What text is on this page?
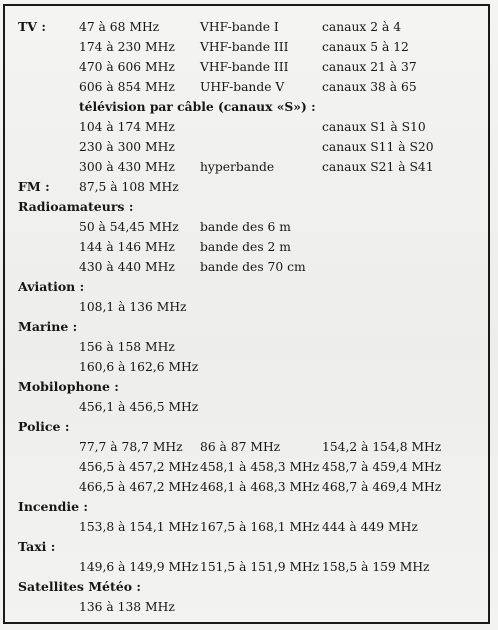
TV :	47 à 68 MHz	VHF-bande I	canaux 2 à 4
174 à 230 MHz VHF-bande III	canaux 5 à 12
470 à 606 MHz VHF-bande III	canaux 21 à 37
606 à 854 MHz UHF-bande V	canaux 38 à 65
télévision par câble (canaux «S») :
104 à 174 MHz	canaux S1 à S10
230 à 300 MHz	canaux S11 à S20
300 à 430 MHz hyperbande	canaux S21 à S41
FM : 87,5 à 108 MHz
Radioamateurs :
50 à 54,45 MHz bande des 6 m
144 à 146 MHz bande des 2 m
430 à 440 MHz bande des 70 cm
Aviation :
108,1 à 136 MHz
Marine :
156 à 158 MHz
160,6 à 162,6 MHz
Mobilophone :
456,1 à 456,5 MHz
Police :
77,7 à 78,7 MHz 86 à 87 MHz	154,2 à 154,8 MHz
456,5 à 457,2 MHz 458,1 à 458,3 MHz 458,7 à 459,4 MHz
466,5 à 467,2 MHz 468,1 à 468,3 MHz 468,7 à 469,4 MHz
Incendie :
153,8 à 154,1 MHz 167,5 à 168,1 MHz 444 à 449 MHz
Taxi :
149,6 à 149,9 MHz 151,5 à 151,9 MHz 158,5 à 159 MHz
Satellites Météo :
136 à 138 MHz
